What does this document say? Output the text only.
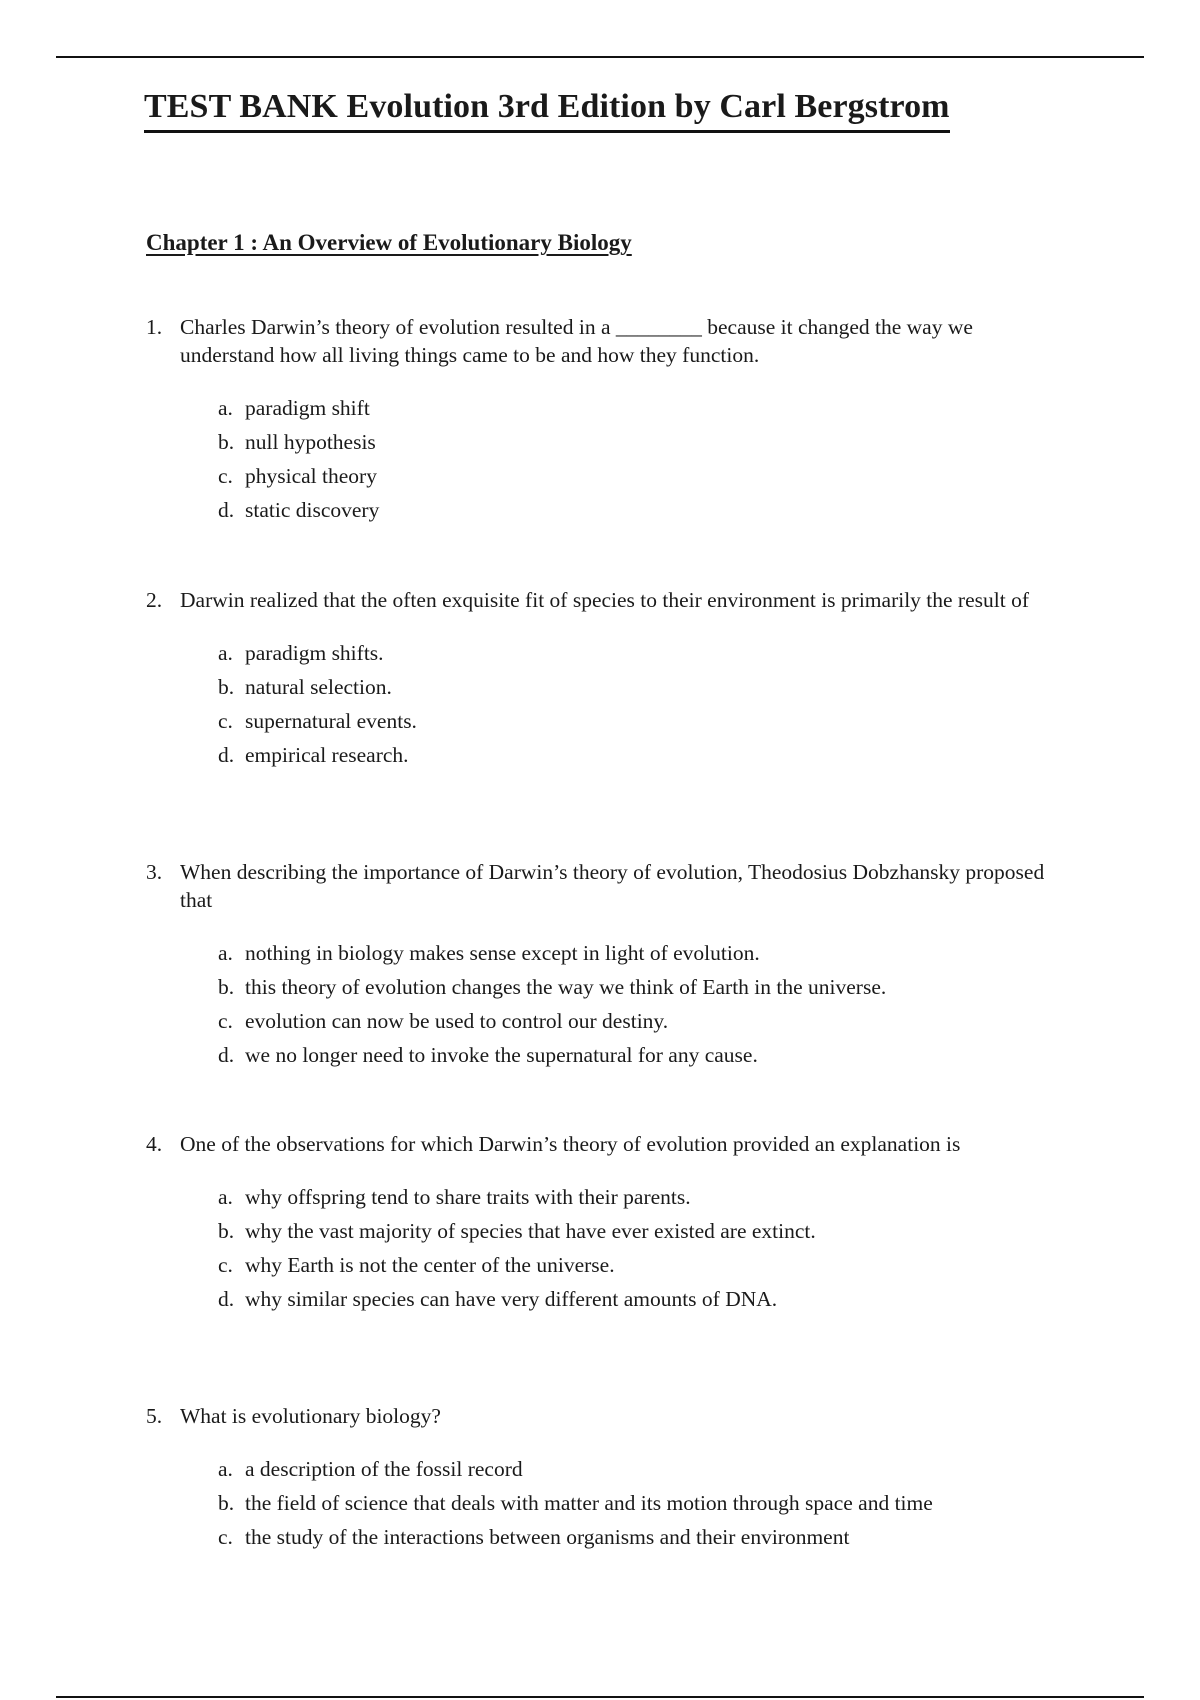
TEST BANK Evolution 3rd Edition by Carl Bergstrom
Chapter 1 : An Overview of Evolutionary Biology
1. Charles Darwin’s theory of evolution resulted in a ________ because it changed the way we understand how all living things came to be and how they function.
a. paradigm shift
b. null hypothesis
c. physical theory
d. static discovery
2. Darwin realized that the often exquisite fit of species to their environment is primarily the result of
a. paradigm shifts.
b. natural selection.
c. supernatural events.
d. empirical research.
3. When describing the importance of Darwin’s theory of evolution, Theodosius Dobzhansky proposed that
a. nothing in biology makes sense except in light of evolution.
b. this theory of evolution changes the way we think of Earth in the universe.
c. evolution can now be used to control our destiny.
d. we no longer need to invoke the supernatural for any cause.
4. One of the observations for which Darwin’s theory of evolution provided an explanation is
a. why offspring tend to share traits with their parents.
b. why the vast majority of species that have ever existed are extinct.
c. why Earth is not the center of the universe.
d. why similar species can have very different amounts of DNA.
5. What is evolutionary biology?
a. a description of the fossil record
b. the field of science that deals with matter and its motion through space and time
c. the study of the interactions between organisms and their environment
